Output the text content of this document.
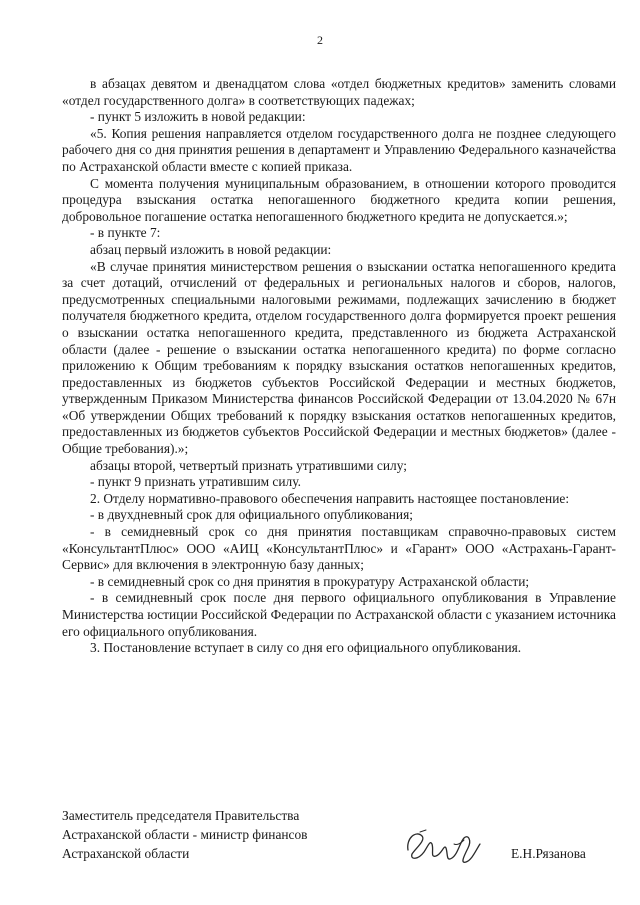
2

в абзацах девятом и двенадцатом слова «отдел бюджетных кредитов» заменить словами «отдел государственного долга» в соответствующих падежах;

- пункт 5 изложить в новой редакции:

«5. Копия решения направляется отделом государственного долга не позднее следующего рабочего дня со дня принятия решения в департамент и Управлению Федерального казначейства по Астраханской области вместе с копией приказа.

С момента получения муниципальным образованием, в отношении которого проводится процедура взыскания остатка непогашенного бюджетного кредита копии решения, добровольное погашение остатка непогашенного бюджетного кредита не допускается.»;

- в пункте 7:

абзац первый изложить в новой редакции:

«В случае принятия министерством решения о взыскании остатка непогашенного кредита за счет дотаций, отчислений от федеральных и региональных налогов и сборов, налогов, предусмотренных специальными налоговыми режимами, подлежащих зачислению в бюджет получателя бюджетного кредита, отделом государственного долга формируется проект решения о взыскании остатка непогашенного кредита, представленного из бюджета Астраханской области (далее - решение о взыскании остатка непогашенного кредита) по форме согласно приложению к Общим требованиям к порядку взыскания остатков непогашенных кредитов, предоставленных из бюджетов субъектов Российской Федерации и местных бюджетов, утвержденным Приказом Министерства финансов Российской Федерации от 13.04.2020 № 67н «Об утверждении Общих требований к порядку взыскания остатков непогашенных кредитов, предоставленных из бюджетов субъектов Российской Федерации и местных бюджетов» (далее - Общие требования).»;

абзацы второй, четвертый признать утратившими силу;

- пункт 9 признать утратившим силу.

2. Отделу нормативно-правового обеспечения направить настоящее постановление:

- в двухдневный срок для официального опубликования;

- в семидневный срок со дня принятия поставщикам справочно-правовых систем «КонсультантПлюс» ООО «АИЦ «КонсультантПлюс» и «Гарант» ООО «Астрахань-Гарант-Сервис» для включения в электронную базу данных;

- в семидневный срок со дня принятия в прокуратуру Астраханской области;

- в семидневный срок после дня первого официального опубликования в Управление Министерства юстиции Российской Федерации по Астраханской области с указанием источника его официального опубликования.

3. Постановление вступает в силу со дня его официального опубликования.

Заместитель председателя Правительства
Астраханской области - министр финансов
Астраханской области	Е.Н.Рязанова
